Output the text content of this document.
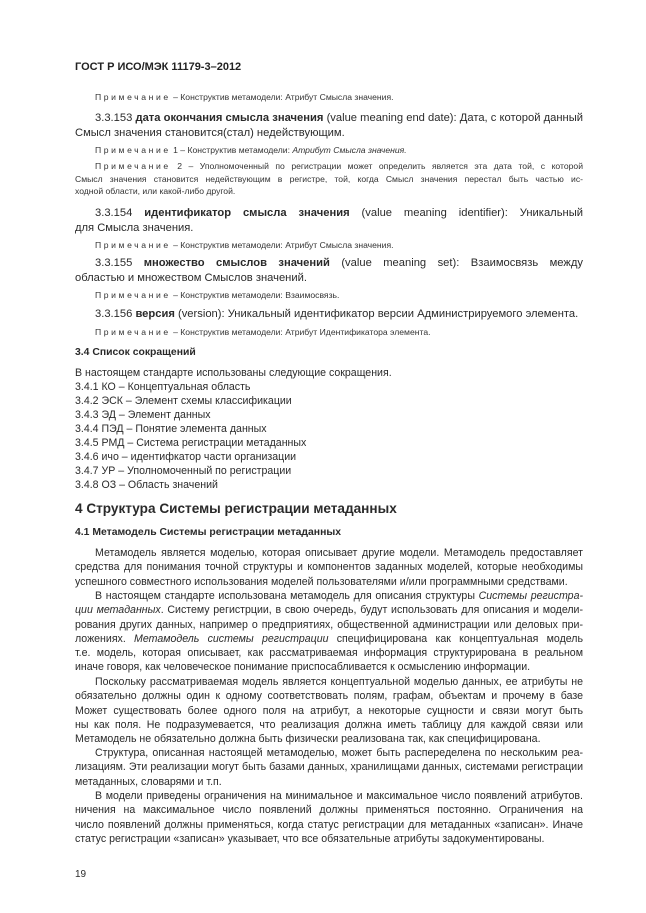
ГОСТ Р ИСО/МЭК 11179-3–2012
Примечание – Конструктив метамодели: Атрибут Смысла значения.
3.3.153 дата окончания смысла значения (value meaning end date): Дата, с которой данный
Смысл значения становится(стал) недействующим.
Примечание 1 – Конструктив метамодели: Атрибут Смысла значения.
Примечание 2 – Уполномоченный по регистрации может определить является эта дата той, с которой
Смысл значения становится недействующим в регистре, той, когда Смысл значения перестал быть частью ис-
ходной области, или какой-либо другой.
3.3.154 идентификатор смысла значения (value meaning identifier): Уникальный
для Смысла значения.
Примечание – Конструктив метамодели: Атрибут Смысла значения.
3.3.155 множество смыслов значений (value meaning set): Взаимосвязь между
областью и множеством Смыслов значений.
Примечание – Конструктив метамодели: Взаимосвязь.
3.3.156 версия (version): Уникальный идентификатор версии Администрируемого элемента.
Примечание – Конструктив метамодели: Атрибут Идентификатора элемента.
3.4 Список сокращений
В настоящем стандарте использованы следующие сокращения.
3.4.1 КО – Концептуальная область
3.4.2 ЭСК – Элемент схемы классификации
3.4.3 ЭД – Элемент данных
3.4.4 ПЭД – Понятие элемента данных
3.4.5 РМД – Система регистрации метаданных
3.4.6 ичо – идентифкатор части организации
3.4.7 УР – Уполномоченный по регистрации
3.4.8 ОЗ – Область значений
4 Структура Системы регистрации метаданных
4.1 Метамодель Системы регистрации метаданных
Метамодель является моделью, которая описывает другие модели. Метамодель предоставляет
средства для понимания точной структуры и компонентов заданных моделей, которые необходимы
успешного совместного использования моделей пользователями и/или программными средствами.
В настоящем стандарте использована метамодель для описания структуры Системы регистра-
ции метаданных. Систему регистрции, в свою очередь, будут использовать для описания и модели-
рования других данных, например о предприятиях, общественной администрации или деловых при-
ложениях. Метамодель системы регистрации специфицирована как концептуальная модель
т.е. модель, которая описывает, как рассматриваемая информация структурирована в реальном
иначе говоря, как человеческое понимание приспосабливается к осмыслению информации.
Поскольку рассматриваемая модель является концептуальной моделью данных, ее атрибуты не
обязательно должны один к одному соответствовать полям, графам, объектам и прочему в базе
Может существовать более одного поля на атрибут, а некоторые сущности и связи могут быть
ны как поля. Не подразумевается, что реализация должна иметь таблицу для каждой связи или
Метамодель не обязательно должна быть физически реализована так, как специфицирована.
Структура, описанная настоящей метамоделью, может быть распеределена по нескольким реа-
лизациям. Эти реализации могут быть базами данных, хранилищами данных, системами регистрации
метаданных, словарями и т.п.
В модели приведены ограничения на минимальное и максимальное число появлений атрибутов.
ничения на максимальное число появлений должны применяться постоянно. Ограничения на
число появлений должны применяться, когда статус регистрации для метаданных «записан». Иначе
статус регистрации «записан» указывает, что все обязательные атрибуты задокументированы.
19
